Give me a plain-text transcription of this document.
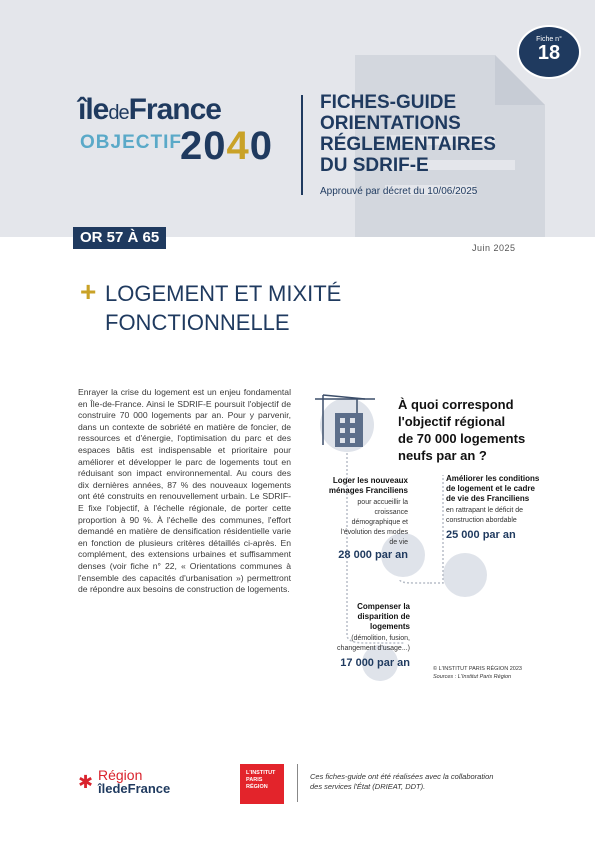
Fiche n°
18
îledeFrance
OBJECTIF
2040
FICHES-GUIDE
ORIENTATIONS
RÉGLEMENTAIRES
DU SDRIF-E
Approuvé par décret du 10/06/2025
OR 57 À 65
Juin 2025
+ LOGEMENT ET MIXITÉ
FONCTIONNELLE
Enrayer la crise du logement est un enjeu fondamental en Île-de-France. Ainsi le SDRIF-E poursuit l'objectif de construire 70 000 logements par an. Pour y parvenir, dans un contexte de sobriété en matière de foncier, de ressources et d'énergie, l'optimisation du parc et des espaces bâtis est indispensable et prioritaire pour améliorer et développer le parc de logements tout en réduisant son impact environnemental. Au cours des dix dernières années, 87 % des nouveaux logements ont été construits en renouvellement urbain. Le SDRIF-E fixe l'objectif, à l'échelle régionale, de porter cette proportion à 90 %. À l'échelle des communes, l'effort demandé en matière de densification résidentielle varie en fonction de plusieurs critères détaillés ci-après. En complément, des extensions urbaines et suffisamment denses (voir fiche n° 22, « Orientations communes à l'ensemble des capacités d'urbanisation ») permettront de répondre aux besoins de construction de logements.
À quoi correspond
l'objectif régional
de 70 000 logements
neufs par an ?
Loger les nouveaux ménages Franciliens
pour accueillir la croissance démographique et l'évolution des modes de vie
28 000 par an
Améliorer les conditions de logement et le cadre de vie des Franciliens
en rattrapant le déficit de construction abordable
25 000 par an
Compenser la disparition de logements
(démolition, fusion, changement d'usage...)
17 000 par an	© L'INSTITUT PARIS RÉGION 2023
Sources : L'Institut Paris Région
✱ Région
îledeFrance
L'INSTITUT
PARIS
RÉGION
Ces fiches-guide ont été réalisées avec la collaboration
des services l'État (DRIEAT, DDT).
